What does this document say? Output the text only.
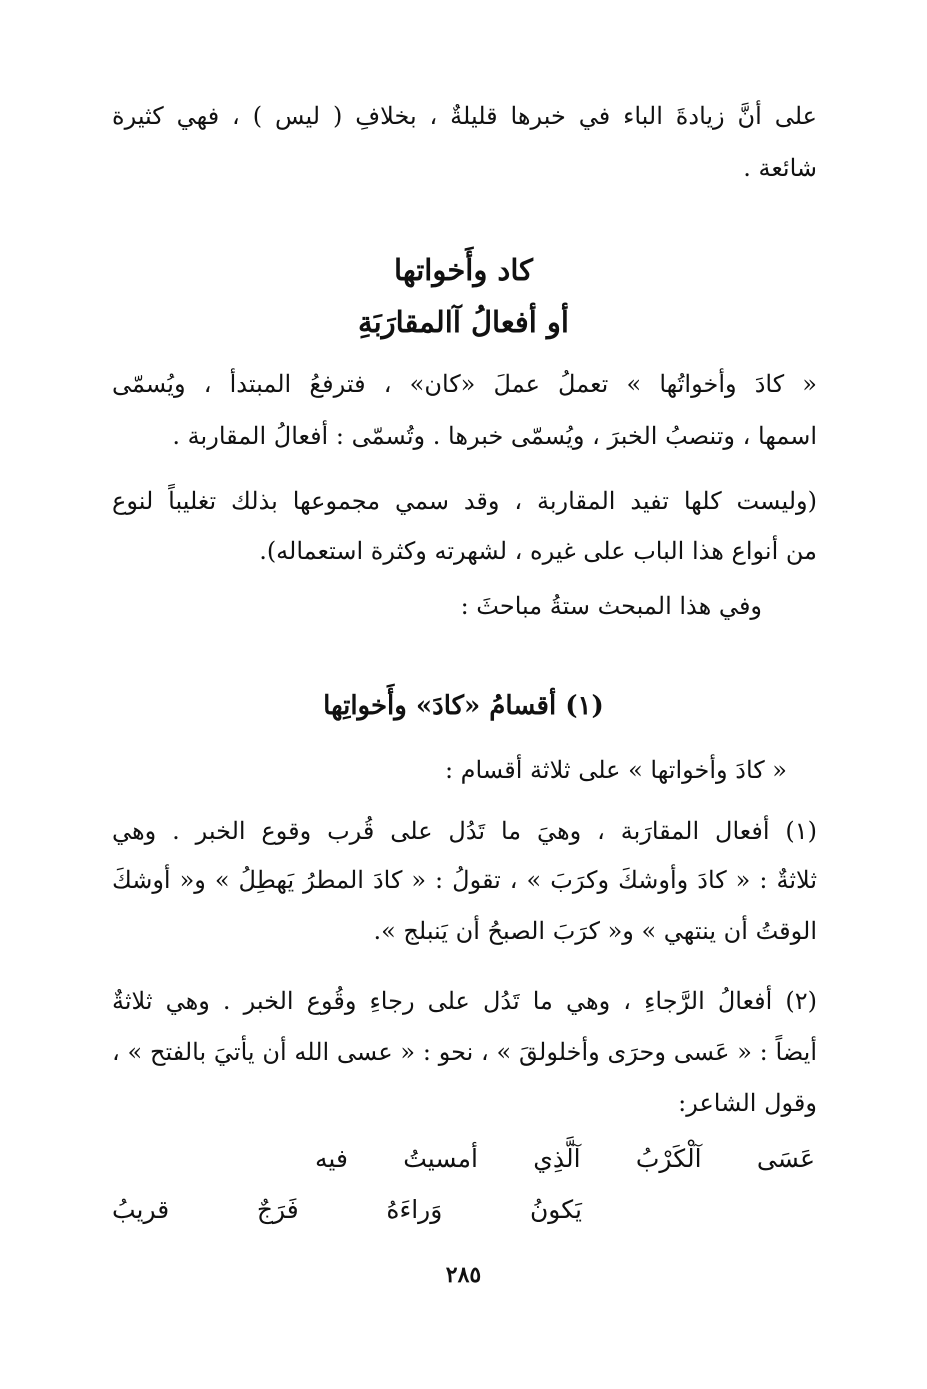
على أنَّ زيادةَ الباء في خبرها قليلةٌ ، بخلافِ ( ليس ) ، فهي كثيرة
شائعة .
كاد وأَخواتها
أو أفعالُ آالمقارَبَةِ
« كادَ وأخواتُها » تعملُ عملَ «كان» ، فترفعُ المبتدأ ، ويُسمّى
اسمها ، وتنصبُ الخبرَ ، ويُسمّى خبرها . وتُسمّى : أفعالُ المقاربة .
(وليست كلها تفيد المقاربة ، وقد سمي مجموعها بذلك تغليباً لنوع
من أنواع هذا الباب على غيره ، لشهرته وكثرة استعماله).
وفي هذا المبحث ستةُ مباحثَ :
(١) أقسامُ «كادَ» وأَخواتِها
« كادَ وأخواتها » على ثلاثة أقسام :
(١) أفعال المقارَبة ، وهيَ ما تَدُل على قُرب وقوع الخبر . وهي
ثلاثةٌ : « كادَ وأوشكَ وكرَبَ » ، تقولُ : « كادَ المطرُ يَهطِلُ » و« أوشكَ
الوقتُ أن ينتهي » و« كرَبَ الصبحُ أن يَنبلج ».
(٢) أفعالُ الرَّجاءِ ، وهي ما تَدُل على رجاءِ وقُوع الخبر . وهي ثلاثةٌ
أيضاً : « عَسى وحرَى وأخلولقَ » ، نحو : « عسى الله أن يأتيَ بالفتح » ،
وقول الشاعر:
عَسَى آلْكَرْبُ آلَّذِي أمسيتُ فيه
يَكونُ وَراءَهُ فَرَجٌ قريبُ
٢٨٥
